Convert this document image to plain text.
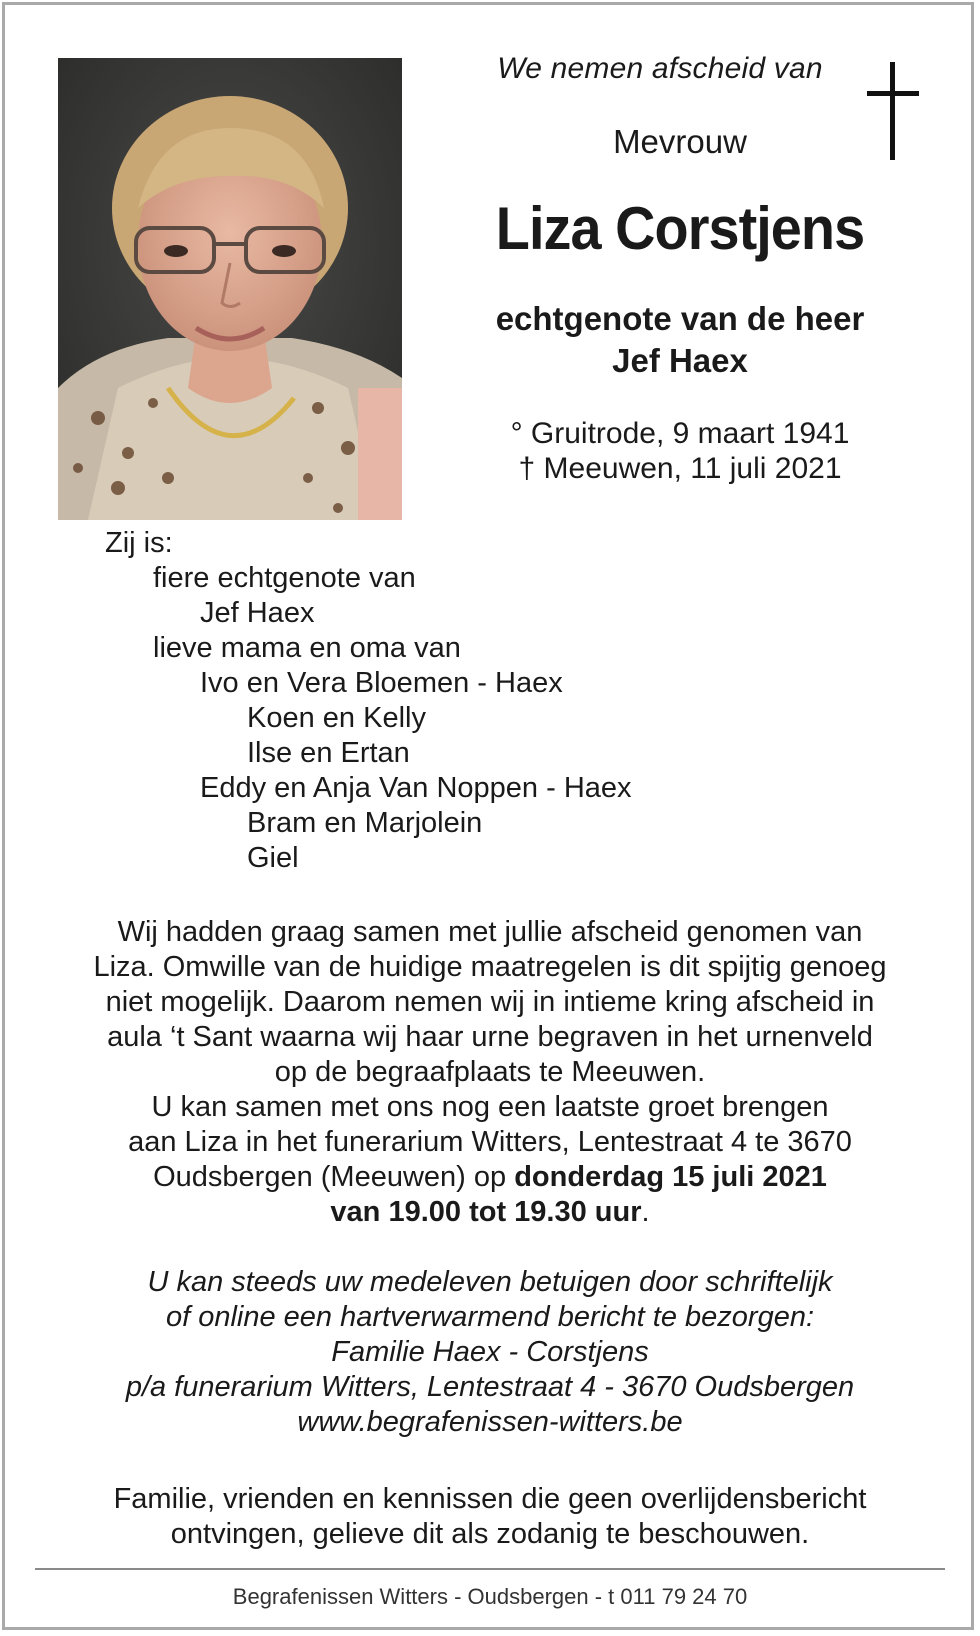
We nemen afscheid van
Mevrouw
Liza Corstjens
echtgenote van de heer
Jef Haex
° Gruitrode, 9 maart 1941
† Meeuwen, 11 juli 2021
Zij is:
fiere echtgenote van
Jef Haex
lieve mama en oma van
Ivo en Vera Bloemen - Haex
Koen en Kelly
Ilse en Ertan
Eddy en Anja Van Noppen - Haex
Bram en Marjolein
Giel
Wij hadden graag samen met jullie afscheid genomen van
Liza. Omwille van de huidige maatregelen is dit spijtig genoeg
niet mogelijk. Daarom nemen wij in intieme kring afscheid in
aula ‘t Sant waarna wij haar urne begraven in het urnenveld
op de begraafplaats te Meeuwen.
U kan samen met ons nog een laatste groet brengen
aan Liza in het funerarium Witters, Lentestraat 4 te 3670
Oudsbergen (Meeuwen) op donderdag 15 juli 2021
van 19.00 tot 19.30 uur.
U kan steeds uw medeleven betuigen door schriftelijk
of online een hartverwarmend bericht te bezorgen:
Familie Haex - Corstjens
p/a funerarium Witters, Lentestraat 4 - 3670 Oudsbergen
www.begrafenissen-witters.be
Familie, vrienden en kennissen die geen overlijdensbericht
ontvingen, gelieve dit als zodanig te beschouwen.
Begrafenissen Witters - Oudsbergen - t 011 79 24 70
